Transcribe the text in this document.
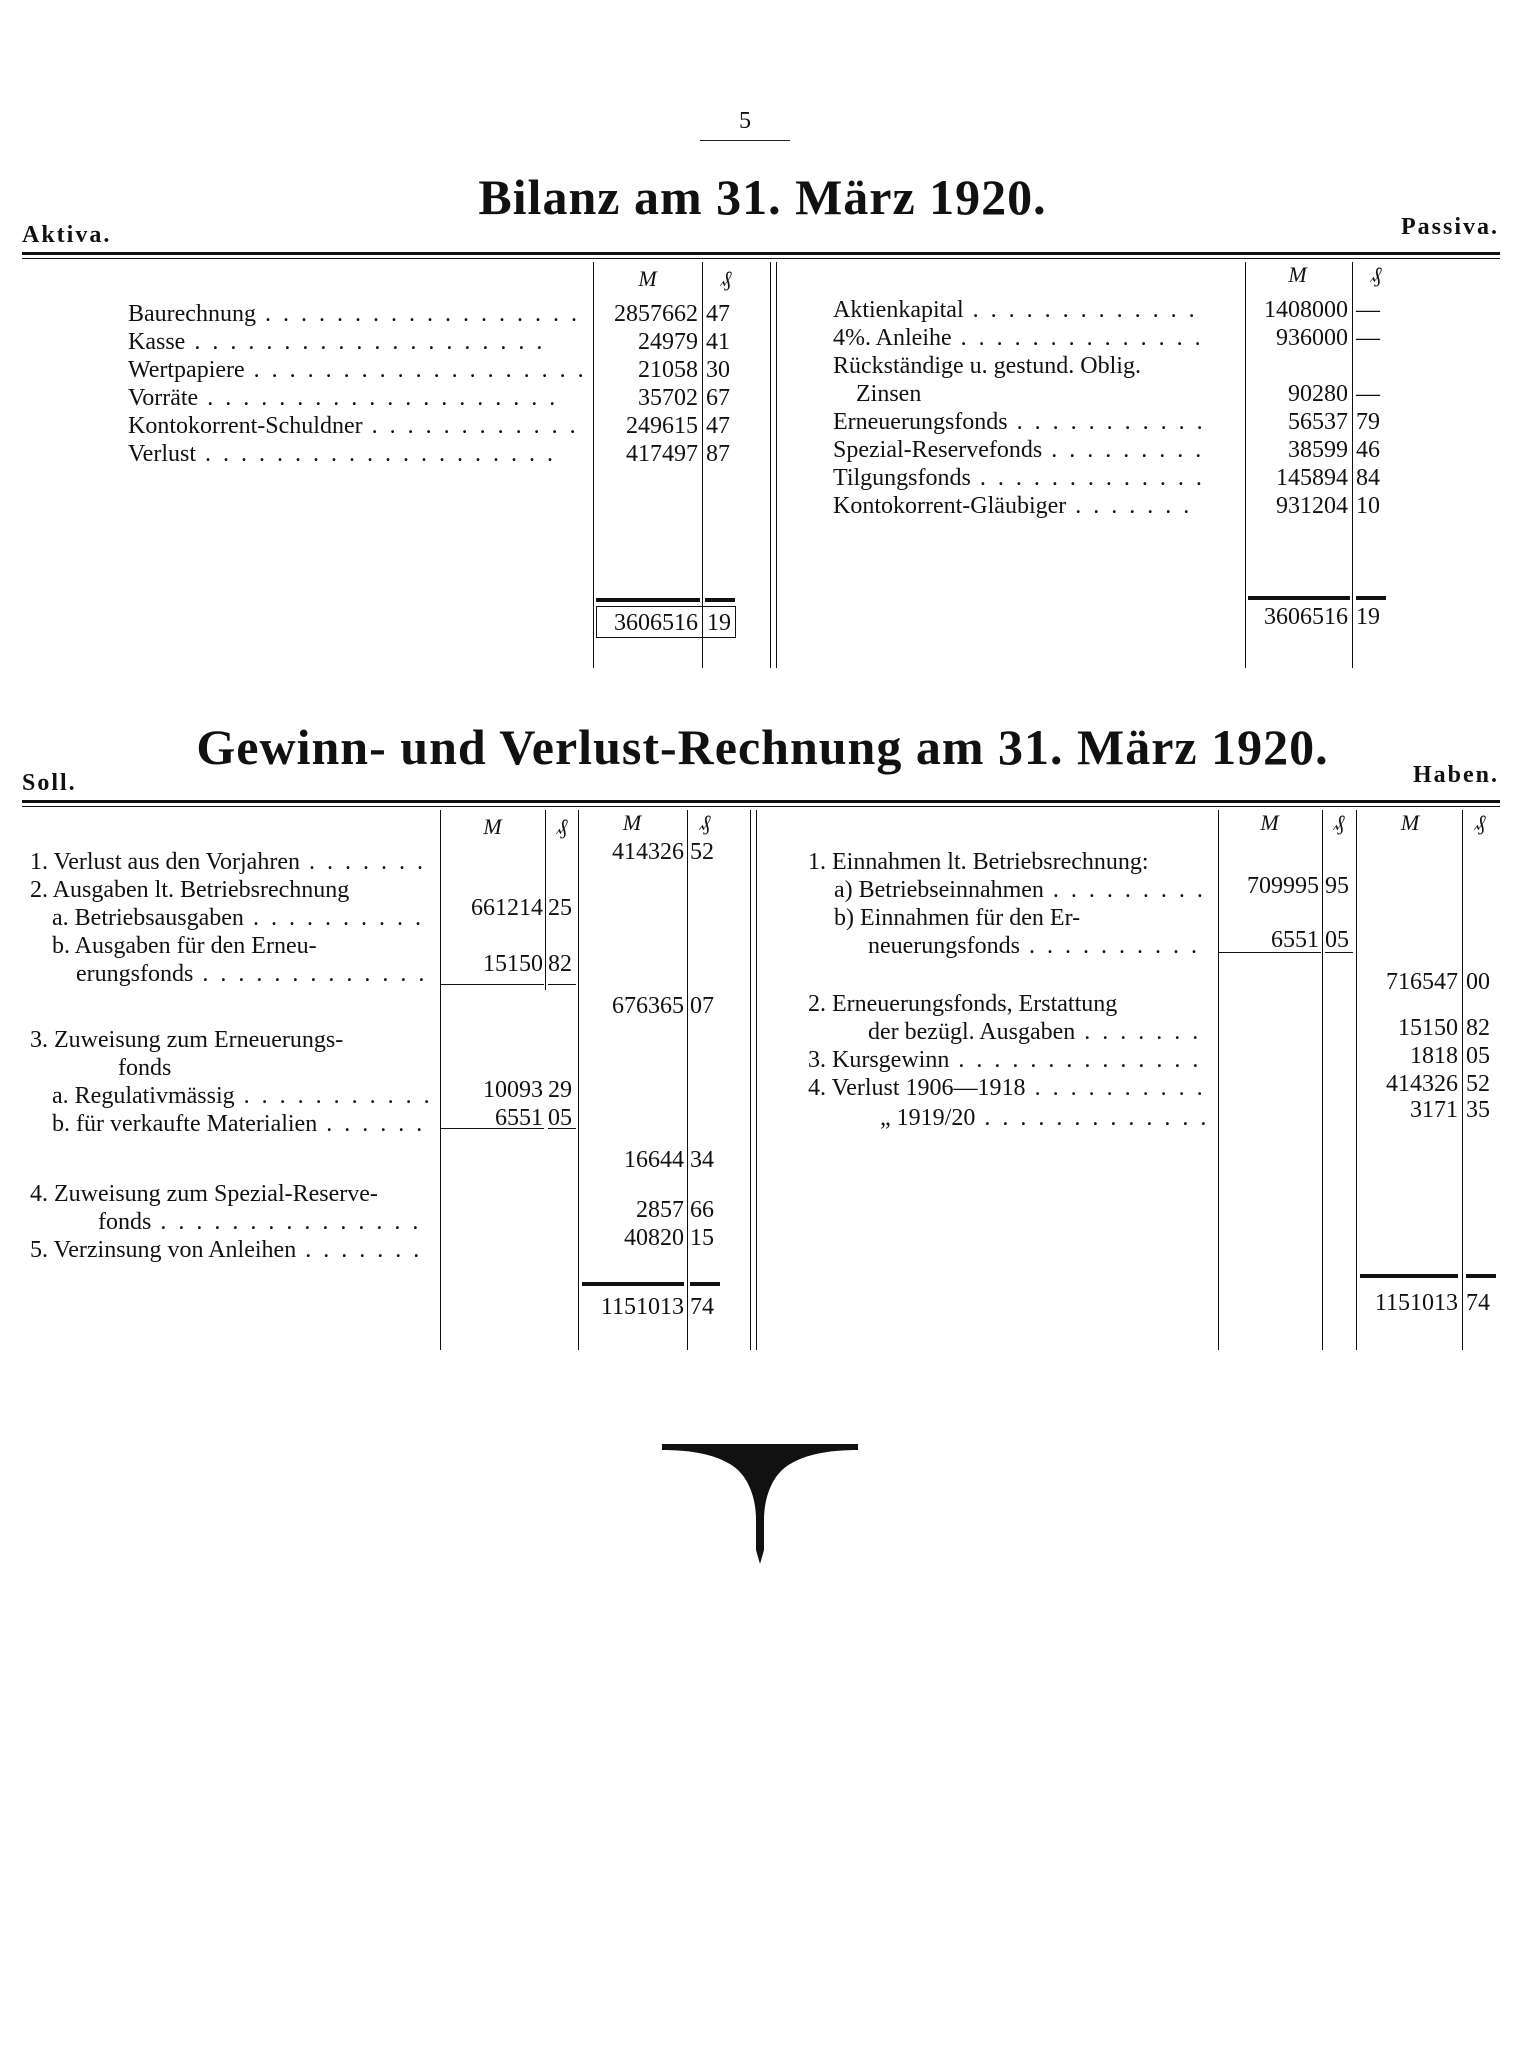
5
Bilanz am 31. März 1920.
Aktiva.	Passiva.
M	₰	M	₰
Baurechnung . .	2857662 47
Kasse . .	24979 41
Wertpapiere . .	21058 30
Vorräte . .	35702 67
Kontokorrent-Schuldner . .	249615 47
Verlust . .	417497 87
Aktienkapital . .	1408000 —
4%. Anleihe . .	936000 —
Rückständige u. gestund. Oblig.
Zinsen	90280 —
Erneuerungsfonds . .	56537 79
Spezial-Reservefonds . .	38599 46
Tilgungsfonds . .	145894 84
Kontokorrent-Gläubiger . .	931204 10
3606516 19	3606516 19
Gewinn- und Verlust-Rechnung am 31. März 1920.
Soll.	Haben.
M	₰	M	₰	M	₰	M	₰
1. Verlust aus den Vorjahren . .	414326 52
2. Ausgaben lt. Betriebsrechnung
a. Betriebsausgaben . .	661214 25
b. Ausgaben für den Erneu-
erungsfonds . .	15150 82
676365 07
3. Zuweisung zum Erneuerungs-
fonds
a. Regulativmässig . .	10093 29
b. für verkaufte Materialien . .	6551 05
16644 34
4. Zuweisung zum Spezial-Reserve-
fonds . .	2857 66
5. Verzinsung von Anleihen . .	40820 15
1151013 74
1. Einnahmen lt. Betriebsrechnung:
a) Betriebseinnahmen . .	709995 95
b) Einnahmen für den Er-
neuerungsfonds . .	6551 05
716547 00
2. Erneuerungsfonds, Erstattung
der bezügl. Ausgaben . .	15150 82
3. Kursgewinn . .	1818 05
4. Verlust 1906—1918 . .	414326 52
„ 1919/20 . .	3171 35
1151013 74
